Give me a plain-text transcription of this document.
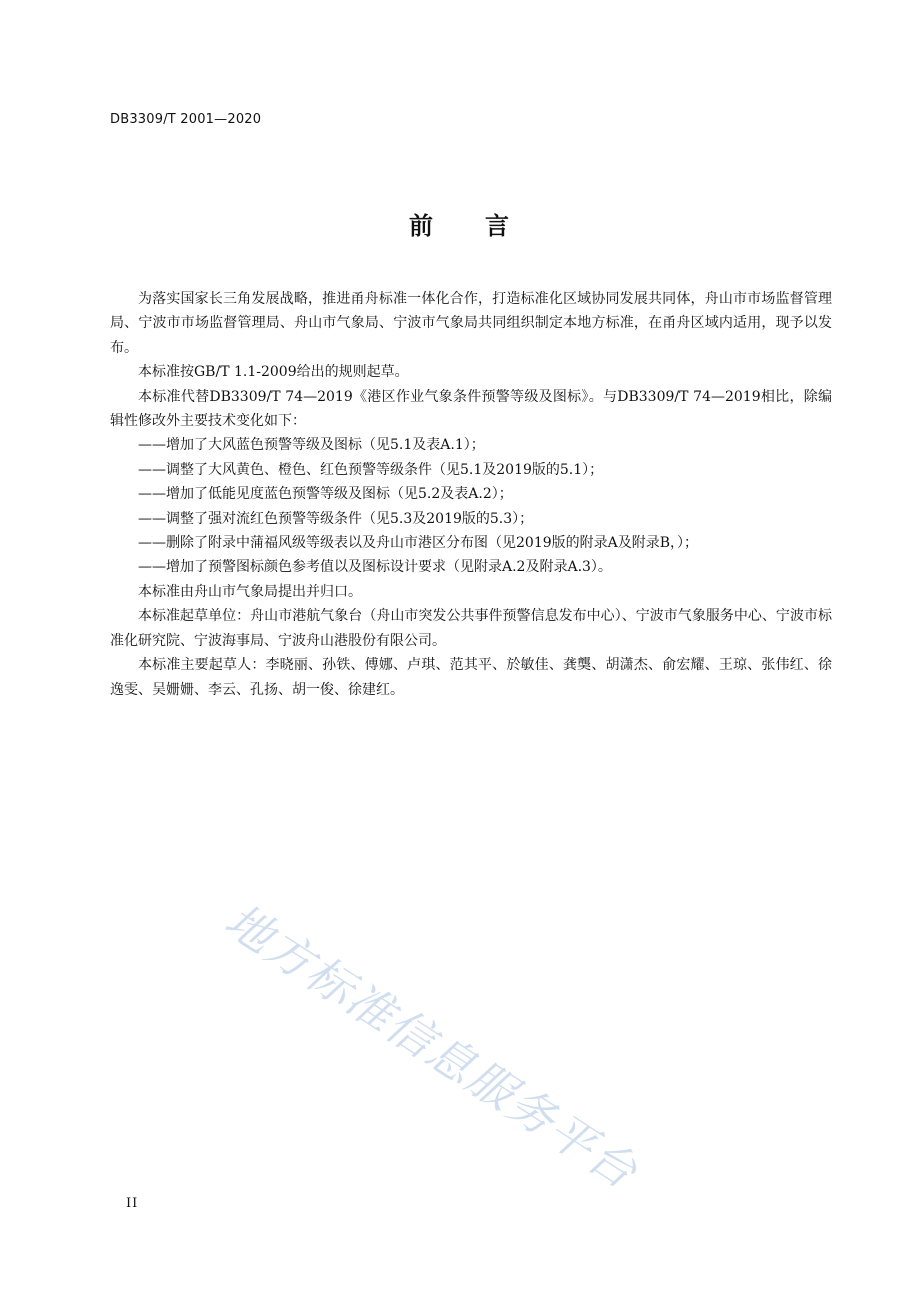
DB3309/T 2001—2020
前 言

为落实国家长三角发展战略，推进甬舟标准一体化合作，打造标准化区域协同发展共同体，舟山市市场监督管理局、宁波市市场监督管理局、舟山市气象局、宁波市气象局共同组织制定本地方标准，在甬舟区域内适用，现予以发布。

本标准按GB/T 1.1-2009给出的规则起草。

本标准代替DB3309/T 74—2019《港区作业气象条件预警等级及图标》。与DB3309/T 74—2019相比，除编辑性修改外主要技术变化如下：

——增加了大风蓝色预警等级及图标（见5.1及表A.1）；

——调整了大风黄色、橙色、红色预警等级条件（见5.1及2019版的5.1）；

——增加了低能见度蓝色预警等级及图标（见5.2及表A.2）；

——调整了强对流红色预警等级条件（见5.3及2019版的5.3）；

——删除了附录中蒲福风级等级表以及舟山市港区分布图（见2019版的附录A及附录B，）；

——增加了预警图标颜色参考值以及图标设计要求（见附录A.2及附录A.3）。

本标准由舟山市气象局提出并归口。

本标准起草单位：舟山市港航气象台（舟山市突发公共事件预警信息发布中心）、宁波市气象服务中心、宁波市标准化研究院、宁波海事局、宁波舟山港股份有限公司。

本标准主要起草人：李晓丽、孙铁、傅娜、卢琪、范其平、於敏佳、龚龑、胡潇杰、俞宏耀、王琼、张伟红、徐逸雯、吴姗姗、李云、孔扬、胡一俊、徐建红。

地方标准信息服务平台
II
